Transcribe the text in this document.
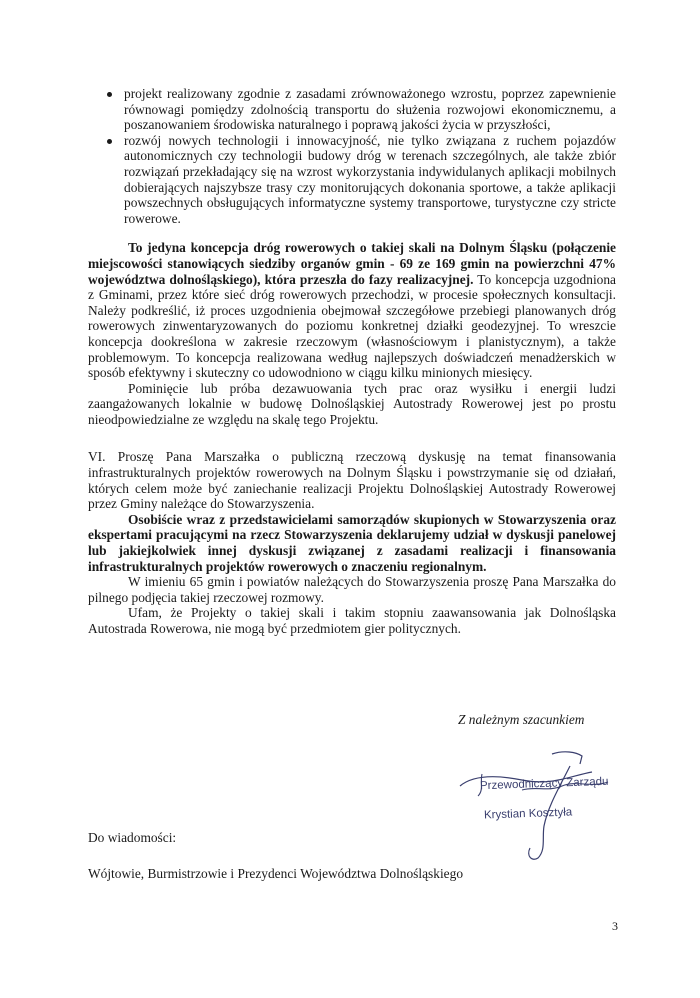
projekt realizowany zgodnie z zasadami zrównoważonego wzrostu, poprzez zapewnienie równowagi pomiędzy zdolnością transportu do służenia rozwojowi ekonomicznemu, a poszanowaniem środowiska naturalnego i poprawą jakości życia w przyszłości,
rozwój nowych technologii i innowacyjność, nie tylko związana z ruchem pojazdów autonomicznych czy technologii budowy dróg w terenach szczególnych, ale także zbiór rozwiązań przekładający się na wzrost wykorzystania indywidulanych aplikacji mobilnych dobierających najszybsze trasy czy monitorujących dokonania sportowe, a także aplikacji powszechnych obsługujących informatyczne systemy transportowe, turystyczne czy stricte rowerowe.

To jedyna koncepcja dróg rowerowych o takiej skali na Dolnym Śląsku (połączenie miejscowości stanowiących siedziby organów gmin - 69 ze 169 gmin na powierzchni 47% województwa dolnośląskiego), która przeszła do fazy realizacyjnej. To koncepcja uzgodniona z Gminami, przez które sieć dróg rowerowych przechodzi, w procesie społecznych konsultacji. Należy podkreślić, iż proces uzgodnienia obejmował szczegółowe przebiegi planowanych dróg rowerowych zinwentaryzowanych do poziomu konkretnej działki geodezyjnej. To wreszcie koncepcja dookreślona w zakresie rzeczowym (własnościowym i planistycznym), a także problemowym. To koncepcja realizowana według najlepszych doświadczeń menadżerskich w sposób efektywny i skuteczny co udowodniono w ciągu kilku minionych miesięcy.

Pominięcie lub próba dezawuowania tych prac oraz wysiłku i energii ludzi zaangażowanych lokalnie w budowę Dolnośląskiej Autostrady Rowerowej jest po prostu nieodpowiedzialne ze względu na skalę tego Projektu.

VI. Proszę Pana Marszałka o publiczną rzeczową dyskusję na temat finansowania infrastrukturalnych projektów rowerowych na Dolnym Śląsku i powstrzymanie się od działań, których celem może być zaniechanie realizacji Projektu Dolnośląskiej Autostrady Rowerowej przez Gminy należące do Stowarzyszenia.

Osobiście wraz z przedstawicielami samorządów skupionych w Stowarzyszenia oraz ekspertami pracującymi na rzecz Stowarzyszenia deklarujemy udział w dyskusji panelowej lub jakiejkolwiek innej dyskusji związanej z zasadami realizacji i finansowania infrastrukturalnych projektów rowerowych o znaczeniu regionalnym.

W imieniu 65 gmin i powiatów należących do Stowarzyszenia proszę Pana Marszałka do pilnego podjęcia takiej rzeczowej rozmowy.

Ufam, że Projekty o takiej skali i takim stopniu zaawansowania jak Dolnośląska Autostrada Rowerowa, nie mogą być przedmiotem gier politycznych.

Z należnym szacunkiem
Przewodniczący Zarządu
Krystian Kosztyła
Do wiadomości:
Wójtowie, Burmistrzowie i Prezydenci Województwa Dolnośląskiego
3
